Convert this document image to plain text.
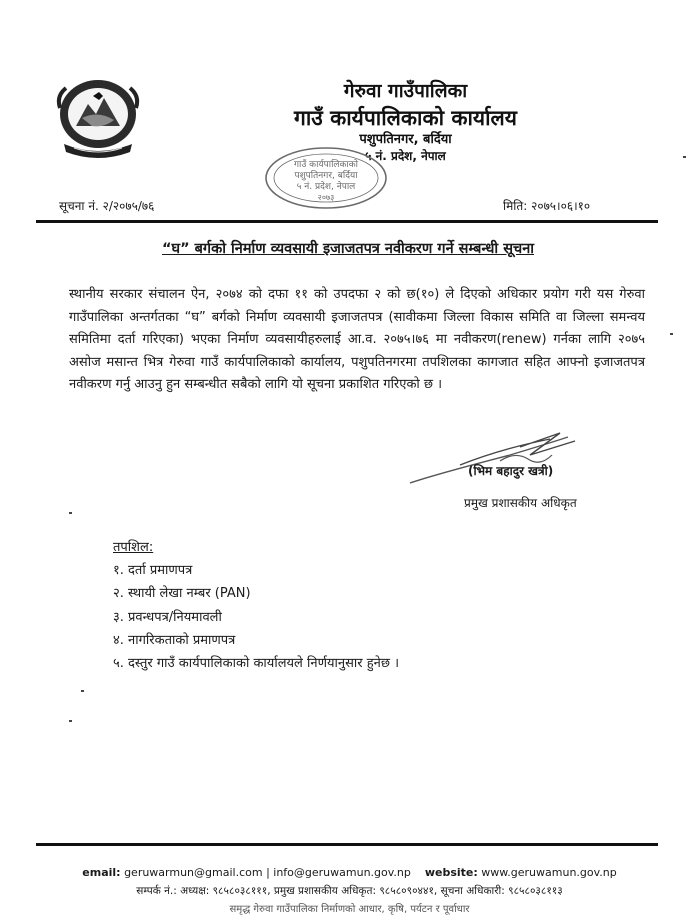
गेरुवा गाउँपालिका
गाउँ कार्यपालिकाको कार्यालय
पशुपतिनगर, बर्दिया
५ नं. प्रदेश, नेपाल
गाउँ कार्यपालिकाको
पशुपतिनगर, बर्दिया
५ नं. प्रदेश, नेपाल
२०७३
सूचना नं. २/२०७५/७६	मिति: २०७५।०६।१०
“घ” बर्गको निर्माण व्यवसायी इजाजतपत्र नवीकरण गर्ने सम्बन्धी सूचना
स्थानीय सरकार संचालन ऐन, २०७४ को दफा ११ को उपदफा २ को छ(१०) ले दिएको अधिकार प्रयोग गरी यस गेरुवा गाउँपालिका अन्तर्गतका “घ” बर्गको निर्माण व्यवसायी इजाजतपत्र (सावीकमा जिल्ला विकास समिति वा जिल्ला समन्वय समितिमा दर्ता गरिएका) भएका निर्माण व्यवसायीहरुलाई आ.व. २०७५।७६ मा नवीकरण(renew) गर्नका लागि २०७५ असोज मसान्त भित्र गेरुवा गाउँ कार्यपालिकाको कार्यालय, पशुपतिनगरमा तपशिलका कागजात सहित आफ्नो इजाजतपत्र नवीकरण गर्नु आउनु हुन सम्बन्धीत सबैको लागि यो सूचना प्रकाशित गरिएको छ ।
(भिम बहादुर खत्री)
प्रमुख प्रशासकीय अधिकृत
तपशिल:
१. दर्ता प्रमाणपत्र
२. स्थायी लेखा नम्बर (PAN)
३. प्रवन्धपत्र/नियमावली
४. नागरिकताको प्रमाणपत्र
५. दस्तुर गाउँ कार्यपालिकाको कार्यालयले निर्णयानुसार हुनेछ ।
email: geruwarmun@gmail.com | info@geruwamun.gov.np website: www.geruwamun.gov.np
सम्पर्क नं.: अध्यक्ष: ९८५८०३८१११, प्रमुख प्रशासकीय अधिकृत: ९८५८०९०४४१, सूचना अधिकारी: ९८५८०३८११३
समृद्ध गेरुवा गाउँपालिका निर्माणको आधार, कृषि, पर्यटन र पूर्वाधार
